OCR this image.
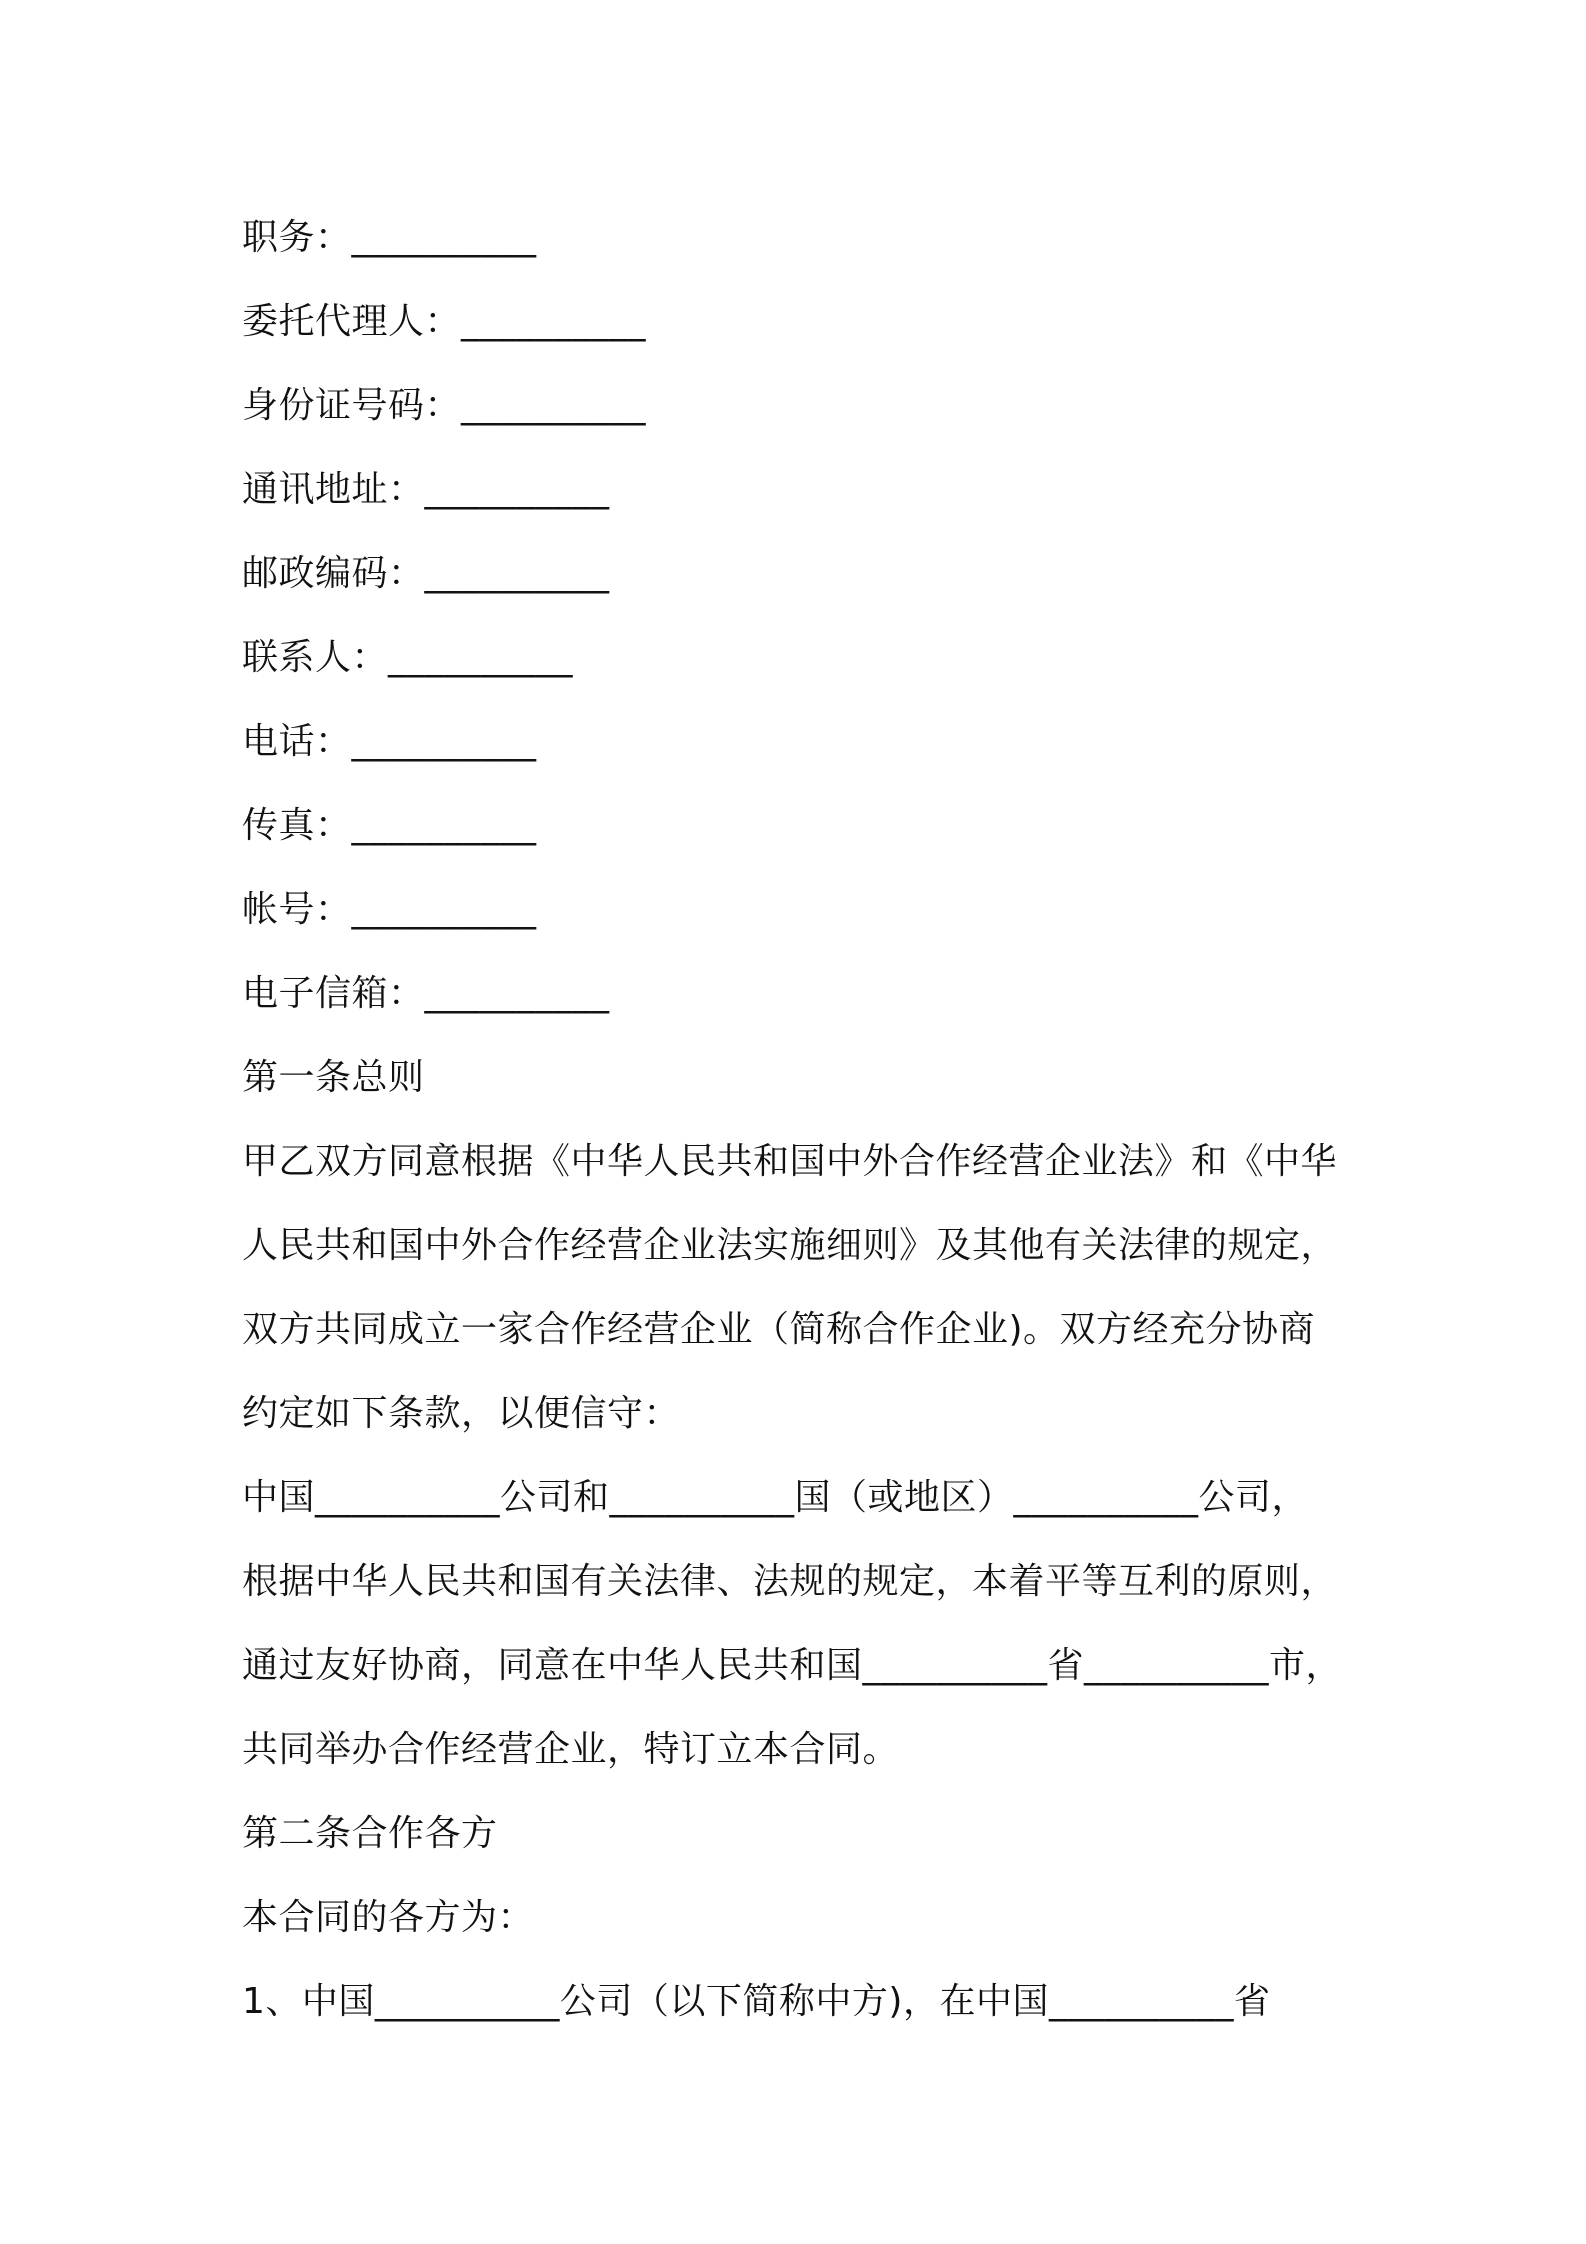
职务：__________
委托代理人：__________
身份证号码：__________
通讯地址：__________
邮政编码：__________
联系人：__________
电话：__________
传真：__________
帐号：__________
电子信箱：__________
第一条总则
甲乙双方同意根据《中华人民共和国中外合作经营企业法》和《中华
人民共和国中外合作经营企业法实施细则》及其他有关法律的规定，
双方共同成立一家合作经营企业（简称合作企业)。双方经充分协商
约定如下条款，以便信守：
中国__________公司和__________国（或地区）__________公司，
根据中华人民共和国有关法律、法规的规定，本着平等互利的原则，
通过友好协商，同意在中华人民共和国__________省__________市，
共同举办合作经营企业，特订立本合同。
第二条合作各方
本合同的各方为：
1、中国__________公司（以下简称中方)，在中国__________省
